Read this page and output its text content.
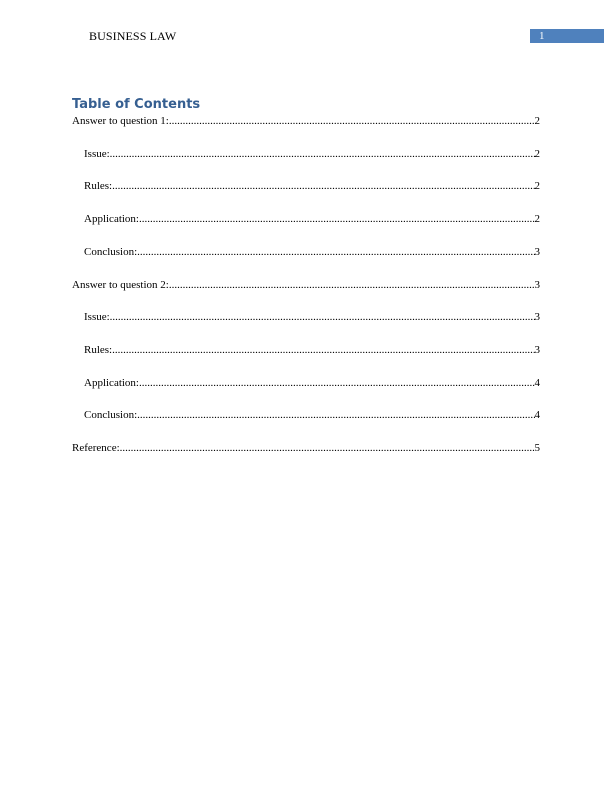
BUSINESS LAW	1
Table of Contents
Answer to question 1: .....	2
Issue: .....	2
Rules: .....	2
Application: .....	2
Conclusion: .....	3
Answer to question 2: .....	3
Issue: .....	3
Rules: .....	3
Application: .....	4
Conclusion: .....	4
Reference: .....	5
